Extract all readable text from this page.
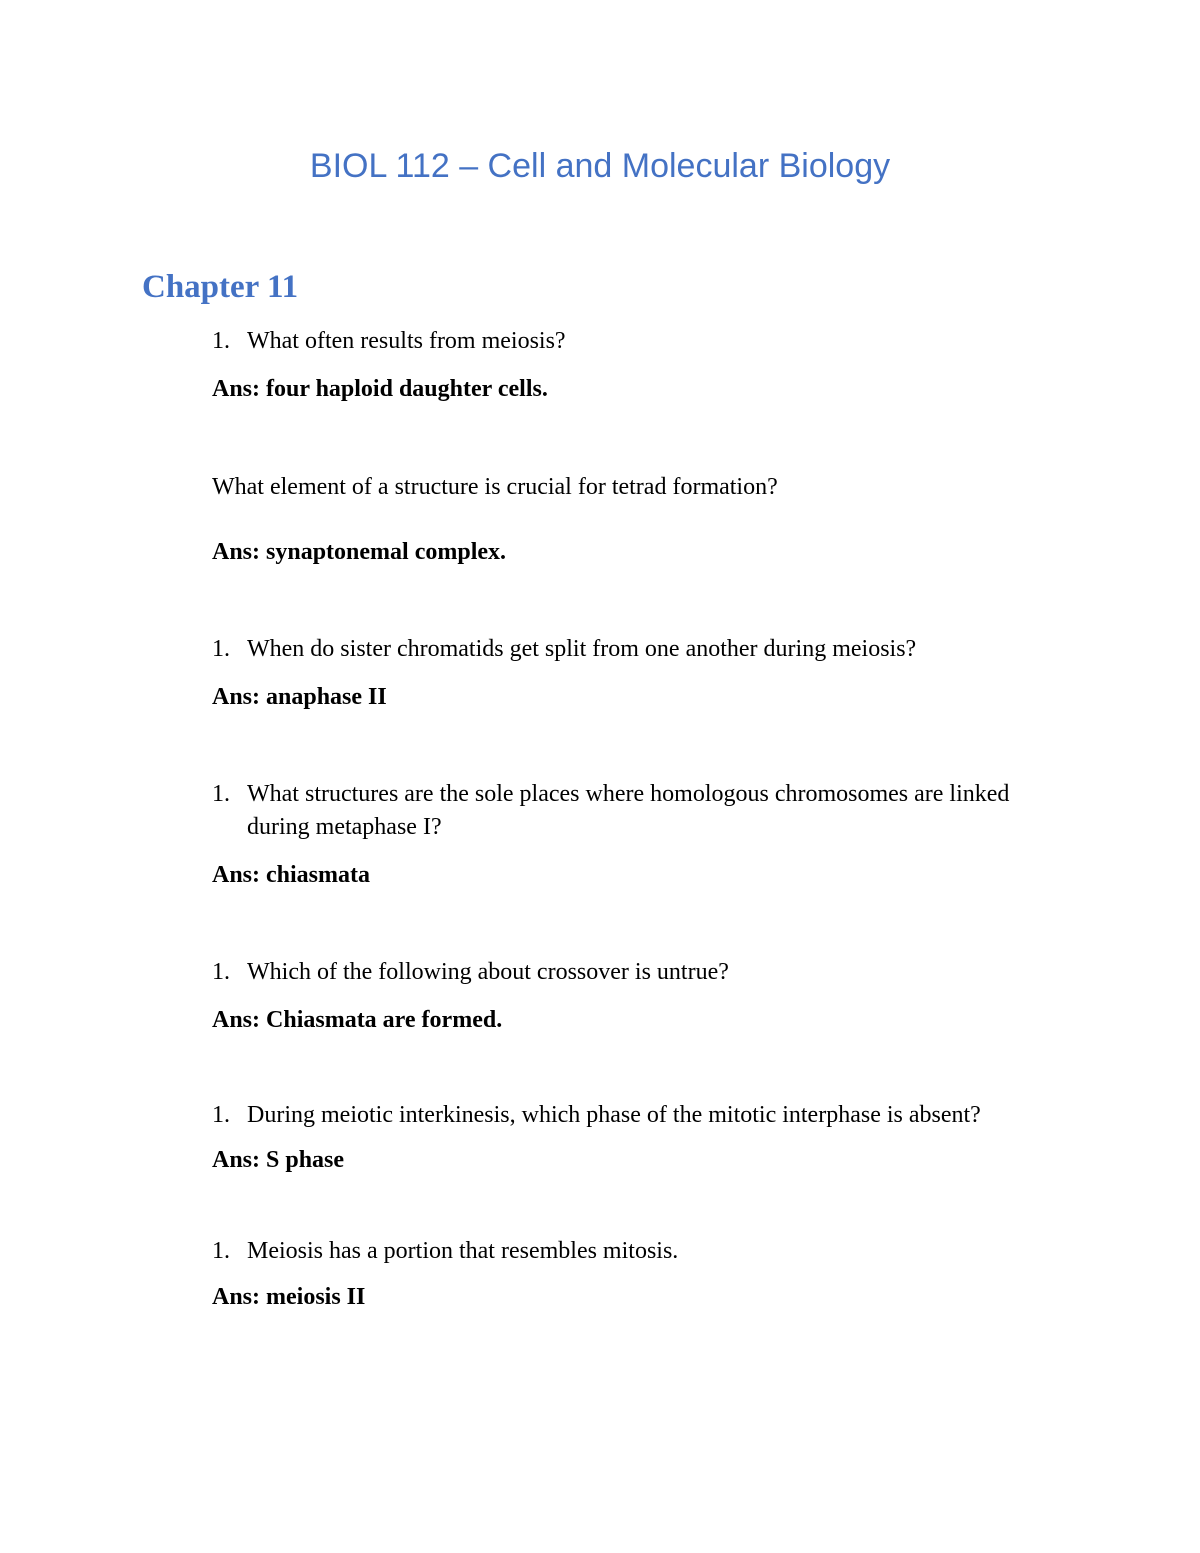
BIOL 112 – Cell and Molecular Biology
Chapter 11
1. What often results from meiosis?
Ans: four haploid daughter cells.
What element of a structure is crucial for tetrad formation?
Ans: synaptonemal complex.
1. When do sister chromatids get split from one another during meiosis?
Ans: anaphase II
1. What structures are the sole places where homologous chromosomes are linked during metaphase I?
Ans: chiasmata
1. Which of the following about crossover is untrue?
Ans: Chiasmata are formed.
1. During meiotic interkinesis, which phase of the mitotic interphase is absent?
Ans: S phase
1. Meiosis has a portion that resembles mitosis.
Ans: meiosis II
